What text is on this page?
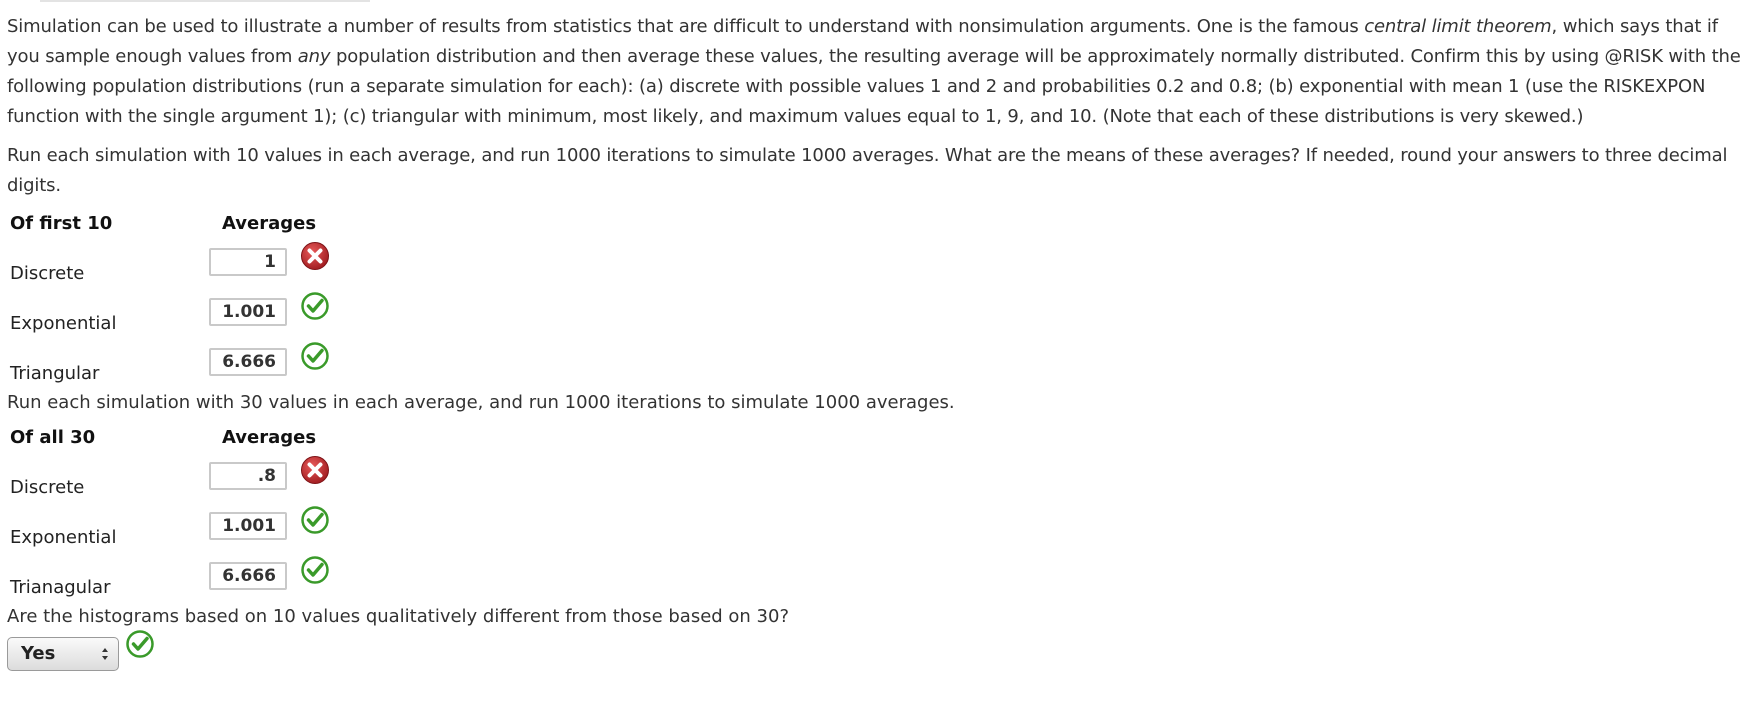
Simulation can be used to illustrate a number of results from statistics that are difficult to understand with nonsimulation arguments. One is the famous central limit theorem, which says that if you sample enough values from any population distribution and then average these values, the resulting average will be approximately normally distributed. Confirm this by using @RISK with the following population distributions (run a separate simulation for each): (a) discrete with possible values 1 and 2 and probabilities 0.2 and 0.8; (b) exponential with mean 1 (use the RISKEXPON function with the single argument 1); (c) triangular with minimum, most likely, and maximum values equal to 1, 9, and 10. (Note that each of these distributions is very skewed.)

Run each simulation with 10 values in each average, and run 1000 iterations to simulate 1000 averages. What are the means of these averages? If needed, round your answers to three decimal digits.

Of first 10	Averages
Discrete
1
Exponential
1.001
Triangular
6.666

Run each simulation with 30 values in each average, and run 1000 iterations to simulate 1000 averages.

Of all 30	Averages
Discrete
.8
Exponential
1.001
Trianagular
6.666

Are the histograms based on 10 values qualitatively different from those based on 30?

Yes
